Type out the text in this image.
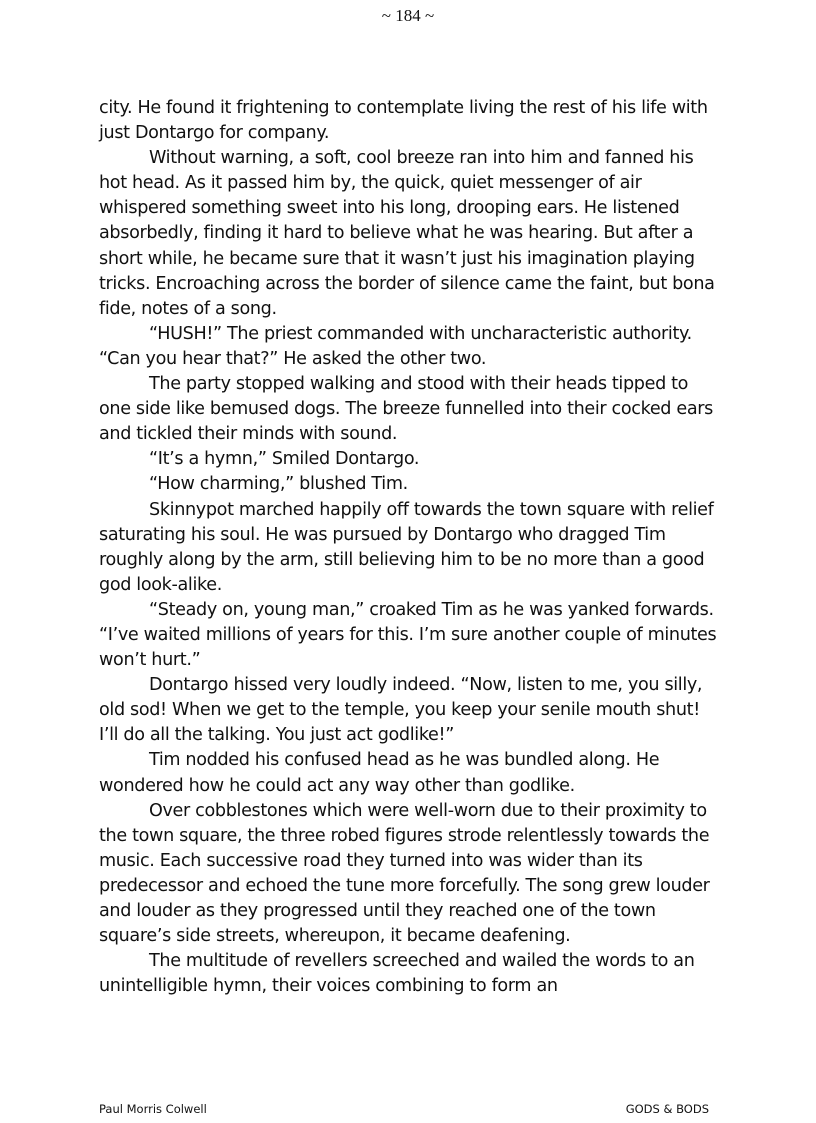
~ 184 ~

city. He found it frightening to contemplate living the rest of his life with just Dontargo for company.

Without warning, a soft, cool breeze ran into him and fanned his hot head. As it passed him by, the quick, quiet messenger of air whispered something sweet into his long, drooping ears. He listened absorbedly, finding it hard to believe what he was hearing. But after a short while, he became sure that it wasn’t just his imagination playing tricks. Encroaching across the border of silence came the faint, but bona fide, notes of a song.

“HUSH!” The priest commanded with uncharacteristic authority. “Can you hear that?” He asked the other two.

The party stopped walking and stood with their heads tipped to one side like bemused dogs. The breeze funnelled into their cocked ears and tickled their minds with sound.

“It’s a hymn,” Smiled Dontargo.

“How charming,” blushed Tim.

Skinnypot marched happily off towards the town square with relief saturating his soul. He was pursued by Dontargo who dragged Tim roughly along by the arm, still believing him to be no more than a good god look-alike.

“Steady on, young man,” croaked Tim as he was yanked forwards. “I’ve waited millions of years for this. I’m sure another couple of minutes won’t hurt.”

Dontargo hissed very loudly indeed. “Now, listen to me, you silly, old sod! When we get to the temple, you keep your senile mouth shut! I’ll do all the talking. You just act godlike!”

Tim nodded his confused head as he was bundled along. He wondered how he could act any way other than godlike.

Over cobblestones which were well-worn due to their proximity to the town square, the three robed figures strode relentlessly towards the music. Each successive road they turned into was wider than its predecessor and echoed the tune more forcefully. The song grew louder and louder as they progressed until they reached one of the town square’s side streets, whereupon, it became deafening.

The multitude of revellers screeched and wailed the words to an unintelligible hymn, their voices combining to form an

Paul Morris Colwell	GODS & BODS
